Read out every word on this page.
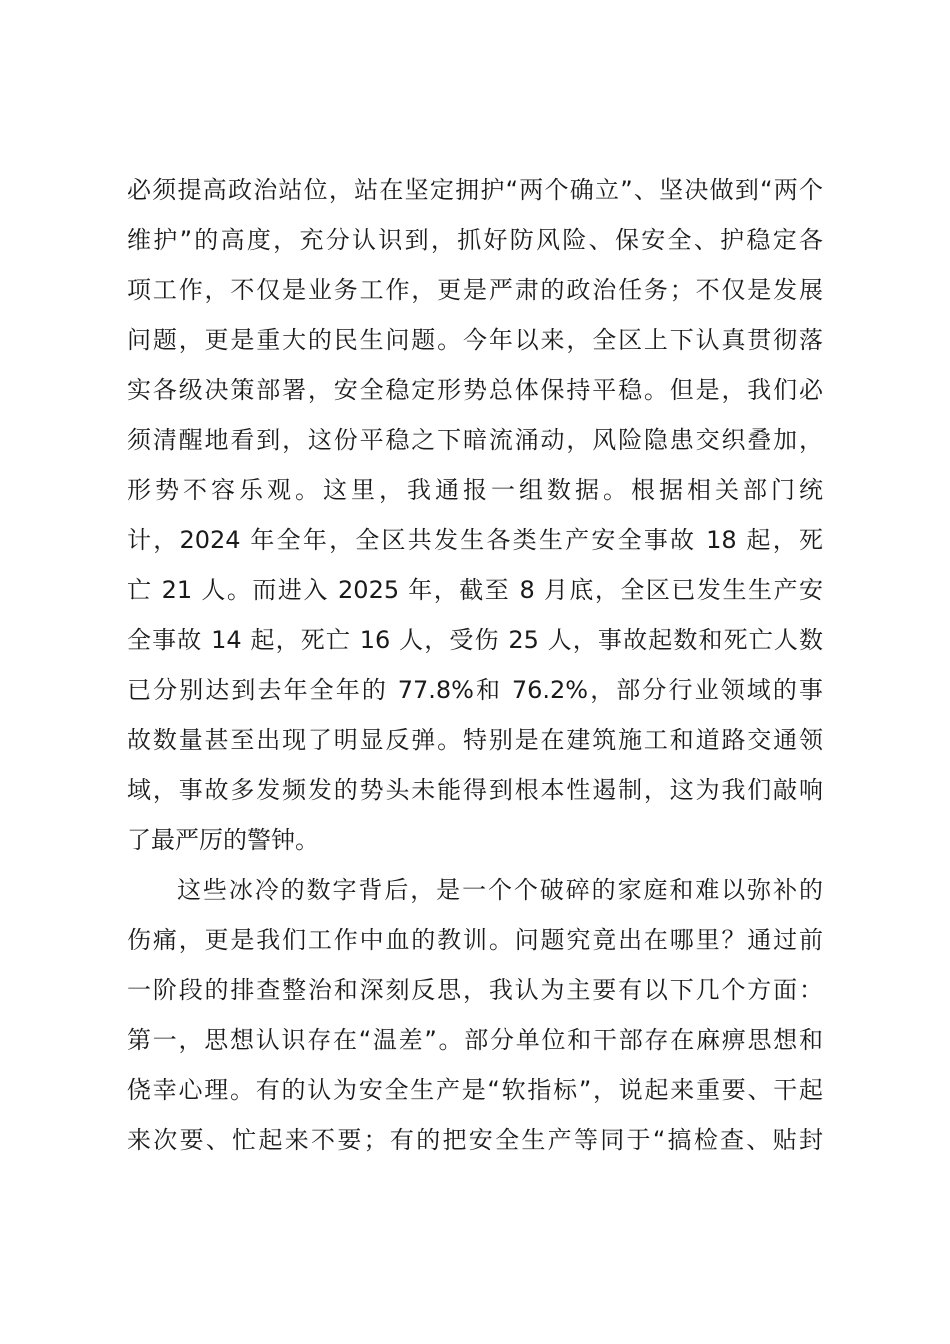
必须提高政治站位，站在坚定拥护“两个确立”、坚决做到“两个
维护”的高度，充分认识到，抓好防风险、保安全、护稳定各
项工作，不仅是业务工作，更是严肃的政治任务；不仅是发展
问题，更是重大的民生问题。今年以来，全区上下认真贯彻落
实各级决策部署，安全稳定形势总体保持平稳。但是，我们必
须清醒地看到，这份平稳之下暗流涌动，风险隐患交织叠加，
形势不容乐观。这里，我通报一组数据。根据相关部门统
计，2024 年全年，全区共发生各类生产安全事故 18 起，死
亡 21 人。而进入 2025 年，截至 8 月底，全区已发生生产安
全事故 14 起，死亡 16 人，受伤 25 人，事故起数和死亡人数
已分别达到去年全年的 77.8%和 76.2%，部分行业领域的事
故数量甚至出现了明显反弹。特别是在建筑施工和道路交通领
域，事故多发频发的势头未能得到根本性遏制，这为我们敲响
了最严厉的警钟。
这些冰冷的数字背后，是一个个破碎的家庭和难以弥补的
伤痛，更是我们工作中血的教训。问题究竟出在哪里？通过前
一阶段的排查整治和深刻反思，我认为主要有以下几个方面：
第一，思想认识存在“温差”。部分单位和干部存在麻痹思想和
侥幸心理。有的认为安全生产是“软指标”，说起来重要、干起
来次要、忙起来不要；有的把安全生产等同于“搞检查、贴封
